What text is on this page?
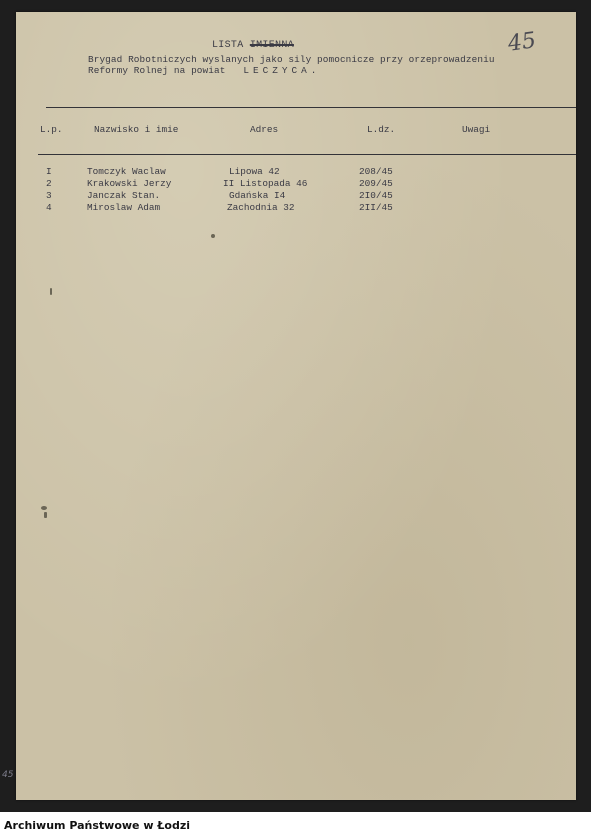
45
LISTA IMIENNA
Brygad Robotniczych wyslanych jako sily pomocnicze przy orzeprowadzeniu
Reformy Rolnej na powiat LECZYCA.
L.p.	Nazwisko i imie	Adres	L.dz.	Uwagi
I	Tomczyk Waclaw	Lipowa 42	208/45
2	Krakowski Jerzy	II Listopada 46	209/45
3	Janczak Stan.	Gdańska I4	2I0/45
4	Miroslaw Adam	Zachodnia 32	2II/45
45
Archiwum Państwowe w Łodzi
